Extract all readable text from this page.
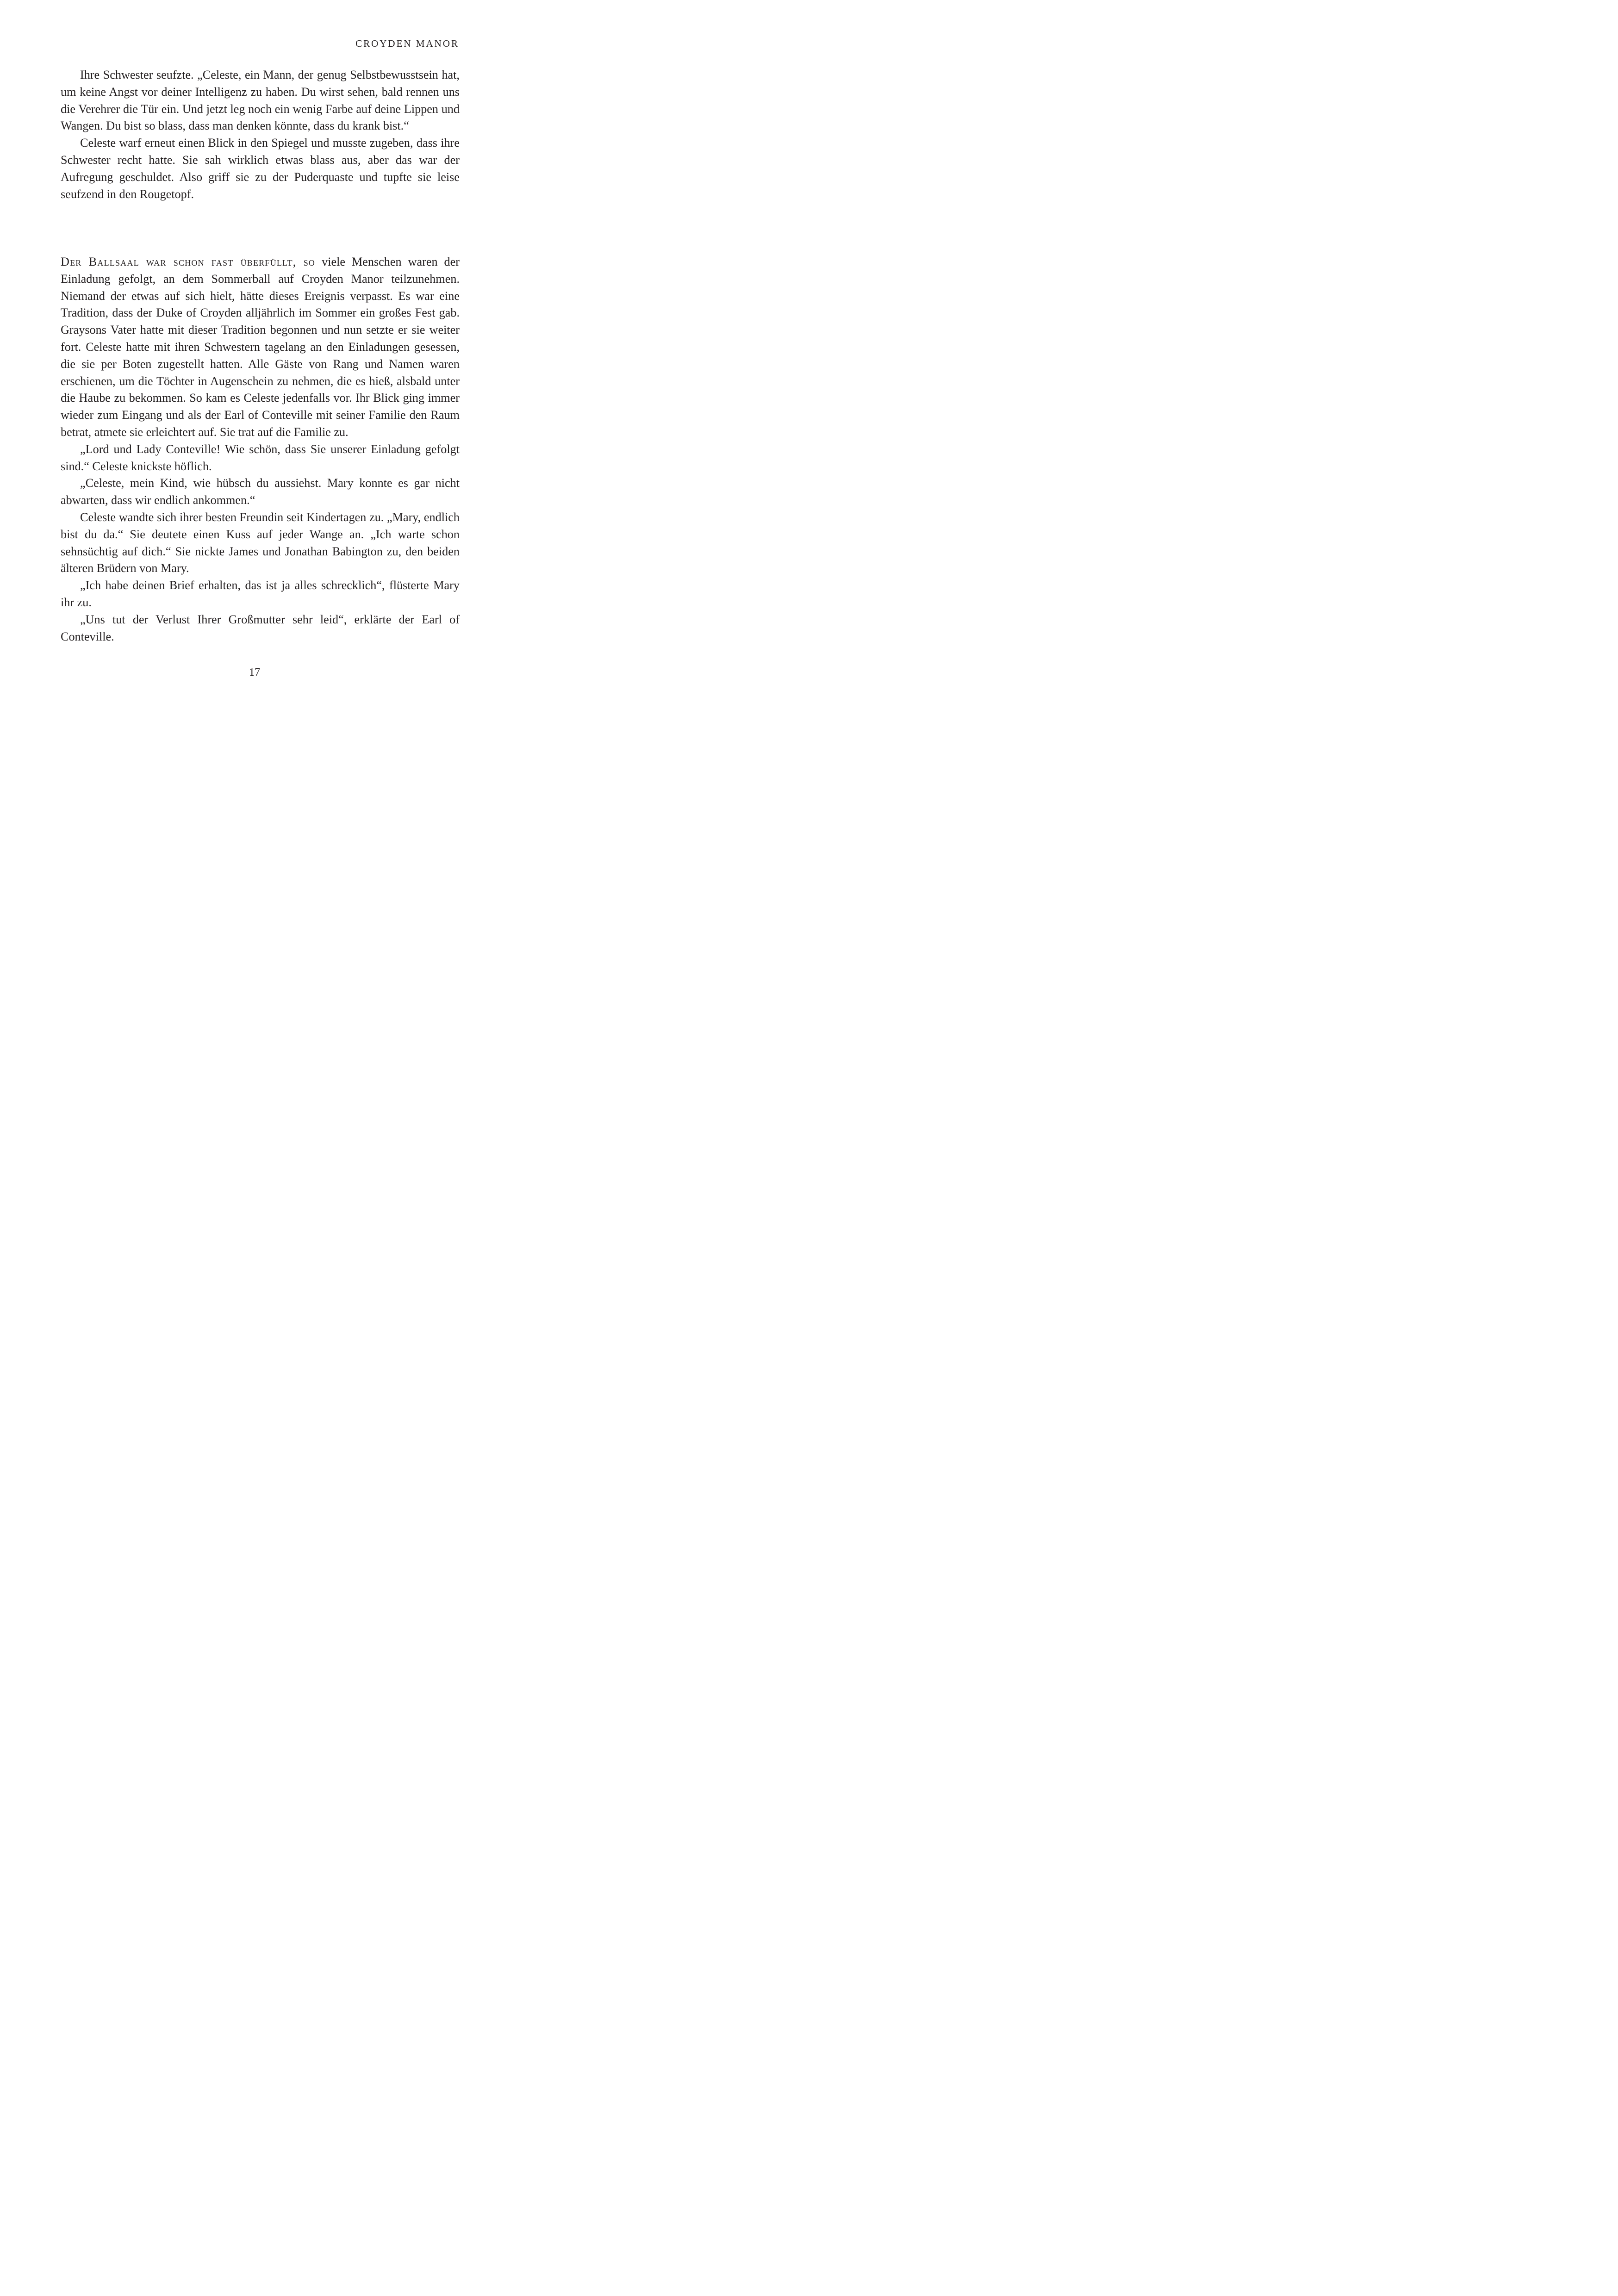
CROYDEN MANOR

Ihre Schwester seufzte. „Celeste, ein Mann, der genug Selbstbewusstsein hat, um keine Angst vor deiner Intelligenz zu haben. Du wirst sehen, bald rennen uns die Verehrer die Tür ein. Und jetzt leg noch ein wenig Farbe auf deine Lippen und Wangen. Du bist so blass, dass man denken könnte, dass du krank bist.“

Celeste warf erneut einen Blick in den Spiegel und musste zugeben, dass ihre Schwester recht hatte. Sie sah wirklich etwas blass aus, aber das war der Aufregung geschuldet. Also griff sie zu der Puderquaste und tupfte sie leise seufzend in den Rougetopf.

Der Ballsaal war schon fast überfüllt, so viele Menschen waren der Einladung gefolgt, an dem Sommerball auf Croyden Manor teilzunehmen. Niemand der etwas auf sich hielt, hätte dieses Ereignis verpasst. Es war eine Tradition, dass der Duke of Croyden alljährlich im Sommer ein großes Fest gab. Graysons Vater hatte mit dieser Tradition begonnen und nun setzte er sie weiter fort. Celeste hatte mit ihren Schwestern tagelang an den Einladungen gesessen, die sie per Boten zugestellt hatten. Alle Gäste von Rang und Namen waren erschienen, um die Töchter in Augenschein zu nehmen, die es hieß, alsbald unter die Haube zu bekommen. So kam es Celeste jedenfalls vor. Ihr Blick ging immer wieder zum Eingang und als der Earl of Conteville mit seiner Familie den Raum betrat, atmete sie erleichtert auf. Sie trat auf die Familie zu.

„Lord und Lady Conteville! Wie schön, dass Sie unserer Einladung gefolgt sind.“ Celeste knickste höflich.

„Celeste, mein Kind, wie hübsch du aussiehst. Mary konnte es gar nicht abwarten, dass wir endlich ankommen.“

Celeste wandte sich ihrer besten Freundin seit Kindertagen zu. „Mary, endlich bist du da.“ Sie deutete einen Kuss auf jeder Wange an. „Ich warte schon sehnsüchtig auf dich.“ Sie nickte James und Jonathan Babington zu, den beiden älteren Brüdern von Mary.

„Ich habe deinen Brief erhalten, das ist ja alles schrecklich“, flüsterte Mary ihr zu.

„Uns tut der Verlust Ihrer Großmutter sehr leid“, erklärte der Earl of Conteville.

17
